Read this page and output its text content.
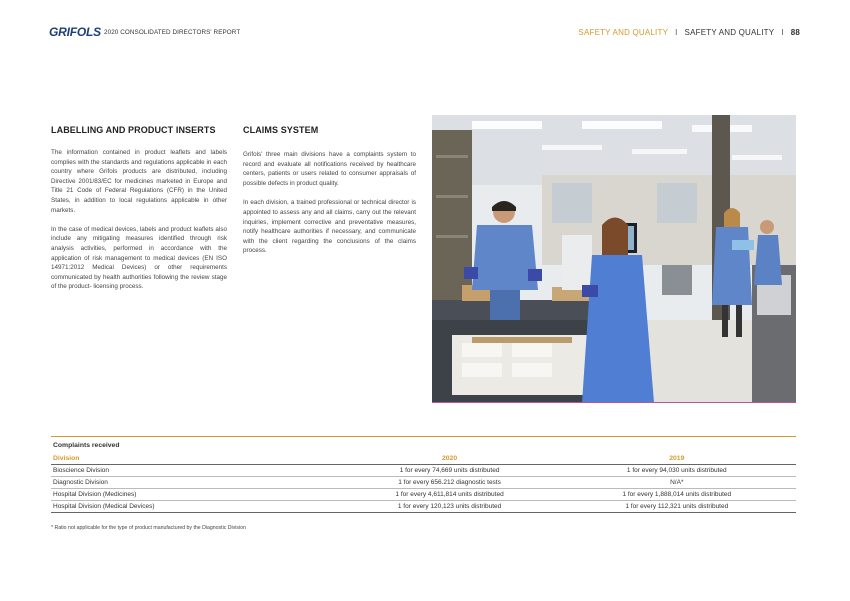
GRIFOLS 2020 CONSOLIDATED DIRECTORS' REPORT	SAFETY AND QUALITY I SAFETY AND QUALITY I 88
LABELLING AND PRODUCT INSERTS

The information contained in product leaflets and labels complies with the standards and regulations applicable in each country where Grifols products are distributed, including Directive 2001/83/EC for medicines marketed in Europe and Title 21 Code of Federal Regulations (CFR) in the United States, in addition to local regulations applicable in other markets.

In the case of medical devices, labels and product leaflets also include any mitigating measures identified through risk analysis activities, performed in accordance with the application of risk management to medical devices (EN ISO 14971:2012 Medical Devices) or other requirements communicated by health authorities following the review stage of the product- licensing process.

CLAIMS SYSTEM

Grifols' three main divisions have a complaints system to record and evaluate all notifications received by healthcare centers, patients or users related to consumer appraisals of possible defects in product quality.

In each division, a trained professional or technical director is appointed to assess any and all claims, carry out the relevant inquiries, implement corrective and preventative measures, notify healthcare authorities if necessary, and communicate with the client regarding the conclusions of the claims process.

Complaints received
Division	2020	2019
Bioscience Division	1 for every 74,669 units distributed	1 for every 94,030 units distributed
Diagnostic Division	1 for every 656.212 diagnostic tests	N/A*
Hospital Division (Medicines)	1 for every 4,611,814 units distributed	1 for every 1,888,014 units distributed
Hospital Division (Medical Devices)	1 for every 120,123 units distributed	1 for every 112,321 units distributed
* Ratio not applicable for the type of product manufactured by the Diagnostic Division
